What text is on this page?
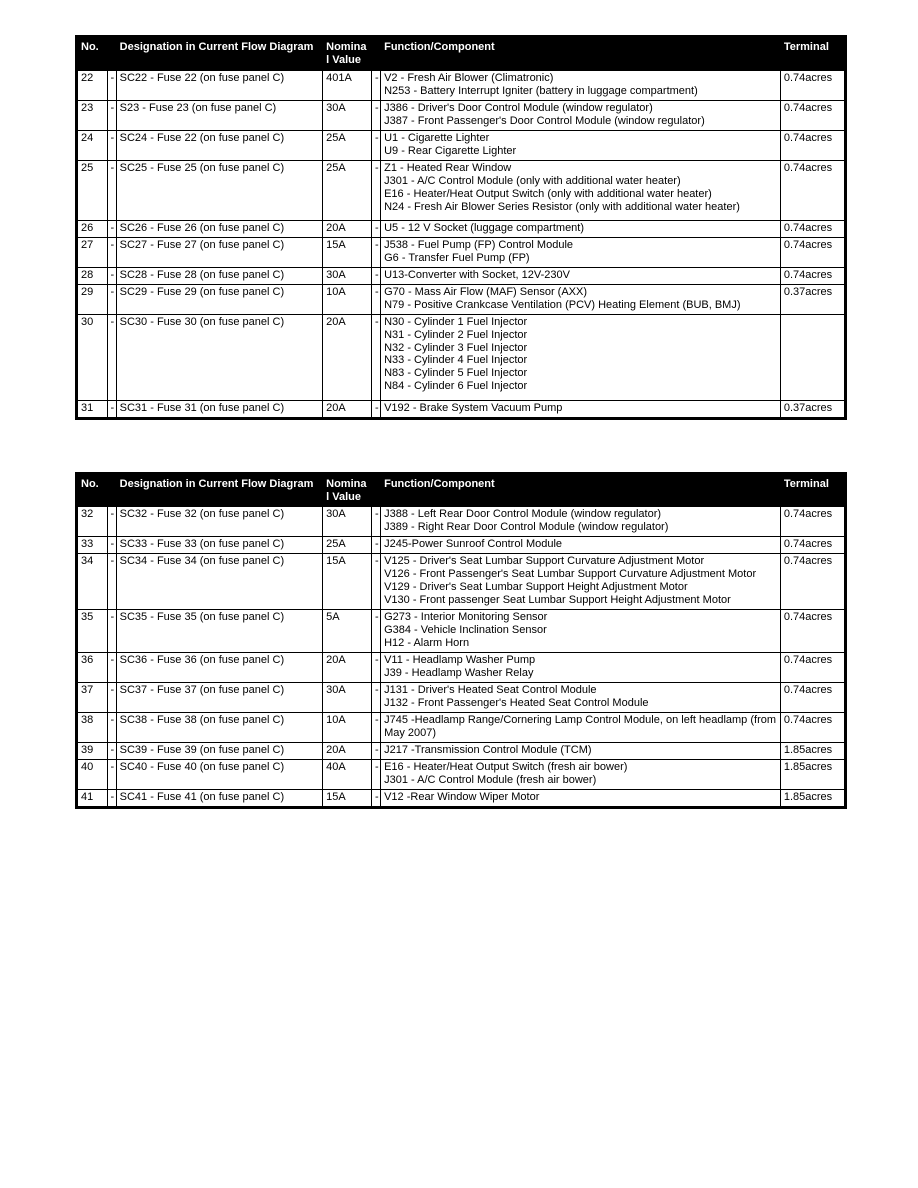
No.		Designation in Current Flow Diagram	Nominal Value		Function/Component	Terminal
22	-	SC22 - Fuse 22 (on fuse panel C)	401A	-	V2 - Fresh Air Blower (Climatronic)
N253 - Battery Interrupt Igniter (battery in luggage compartment)	0.74acres
23	-	S23 - Fuse 23 (on fuse panel C)	30A	-	J386 - Driver's Door Control Module (window regulator)
J387 - Front Passenger's Door Control Module (window regulator)	0.74acres
24	-	SC24 - Fuse 22 (on fuse panel C)	25A	-	U1 - Cigarette Lighter
U9 - Rear Cigarette Lighter	0.74acres
25	-	SC25 - Fuse 25 (on fuse panel C)	25A	-	Z1 - Heated Rear Window
J301 - A/C Control Module (only with additional water heater)
E16 - Heater/Heat Output Switch (only with additional water heater)
N24 - Fresh Air Blower Series Resistor (only with additional water heater)	0.74acres
26	-	SC26 - Fuse 26 (on fuse panel C)	20A	-	U5 - 12 V Socket (luggage compartment)	0.74acres
27	-	SC27 - Fuse 27 (on fuse panel C)	15A	-	J538 - Fuel Pump (FP) Control Module
G6 - Transfer Fuel Pump (FP)	0.74acres
28	-	SC28 - Fuse 28 (on fuse panel C)	30A	-	U13-Converter with Socket, 12V-230V	0.74acres
29	-	SC29 - Fuse 29 (on fuse panel C)	10A	-	G70 - Mass Air Flow (MAF) Sensor (AXX)
N79 - Positive Crankcase Ventilation (PCV) Heating Element (BUB, BMJ)	0.37acres
30	-	SC30 - Fuse 30 (on fuse panel C)	20A	-	N30 - Cylinder 1 Fuel Injector
N31 - Cylinder 2 Fuel Injector
N32 - Cylinder 3 Fuel Injector
N33 - Cylinder 4 Fuel Injector
N83 - Cylinder 5 Fuel Injector
N84 - Cylinder 6 Fuel Injector

31	-	SC31 - Fuse 31 (on fuse panel C)	20A	-	V192 - Brake System Vacuum Pump	0.37acres
No.		Designation in Current Flow Diagram	Nominal Value		Function/Component	Terminal
32	-	SC32 - Fuse 32 (on fuse panel C)	30A	-	J388 - Left Rear Door Control Module (window regulator)
J389 - Right Rear Door Control Module (window regulator)	0.74acres
33	-	SC33 - Fuse 33 (on fuse panel C)	25A	-	J245-Power Sunroof Control Module	0.74acres
34	-	SC34 - Fuse 34 (on fuse panel C)	15A	-	V125 - Driver's Seat Lumbar Support Curvature Adjustment Motor
V126 - Front Passenger's Seat Lumbar Support Curvature Adjustment Motor
V129 - Driver's Seat Lumbar Support Height Adjustment Motor
V130 - Front passenger Seat Lumbar Support Height Adjustment Motor	0.74acres
35	-	SC35 - Fuse 35 (on fuse panel C)	5A	-	G273 - Interior Monitoring Sensor
G384 - Vehicle Inclination Sensor
H12 - Alarm Horn	0.74acres
36	-	SC36 - Fuse 36 (on fuse panel C)	20A	-	V11 - Headlamp Washer Pump
J39 - Headlamp Washer Relay	0.74acres
37	-	SC37 - Fuse 37 (on fuse panel C)	30A	-	J131 - Driver's Heated Seat Control Module
J132 - Front Passenger's Heated Seat Control Module	0.74acres
38	-	SC38 - Fuse 38 (on fuse panel C)	10A	-	J745 -Headlamp Range/Cornering Lamp Control Module, on left headlamp (from May 2007)	0.74acres
39	-	SC39 - Fuse 39 (on fuse panel C)	20A	-	J217 -Transmission Control Module (TCM)	1.85acres
40	-	SC40 - Fuse 40 (on fuse panel C)	40A	-	E16 - Heater/Heat Output Switch (fresh air bower)
J301 - A/C Control Module (fresh air bower)	1.85acres
41	-	SC41 - Fuse 41 (on fuse panel C)	15A	-	V12 -Rear Window Wiper Motor	1.85acres
